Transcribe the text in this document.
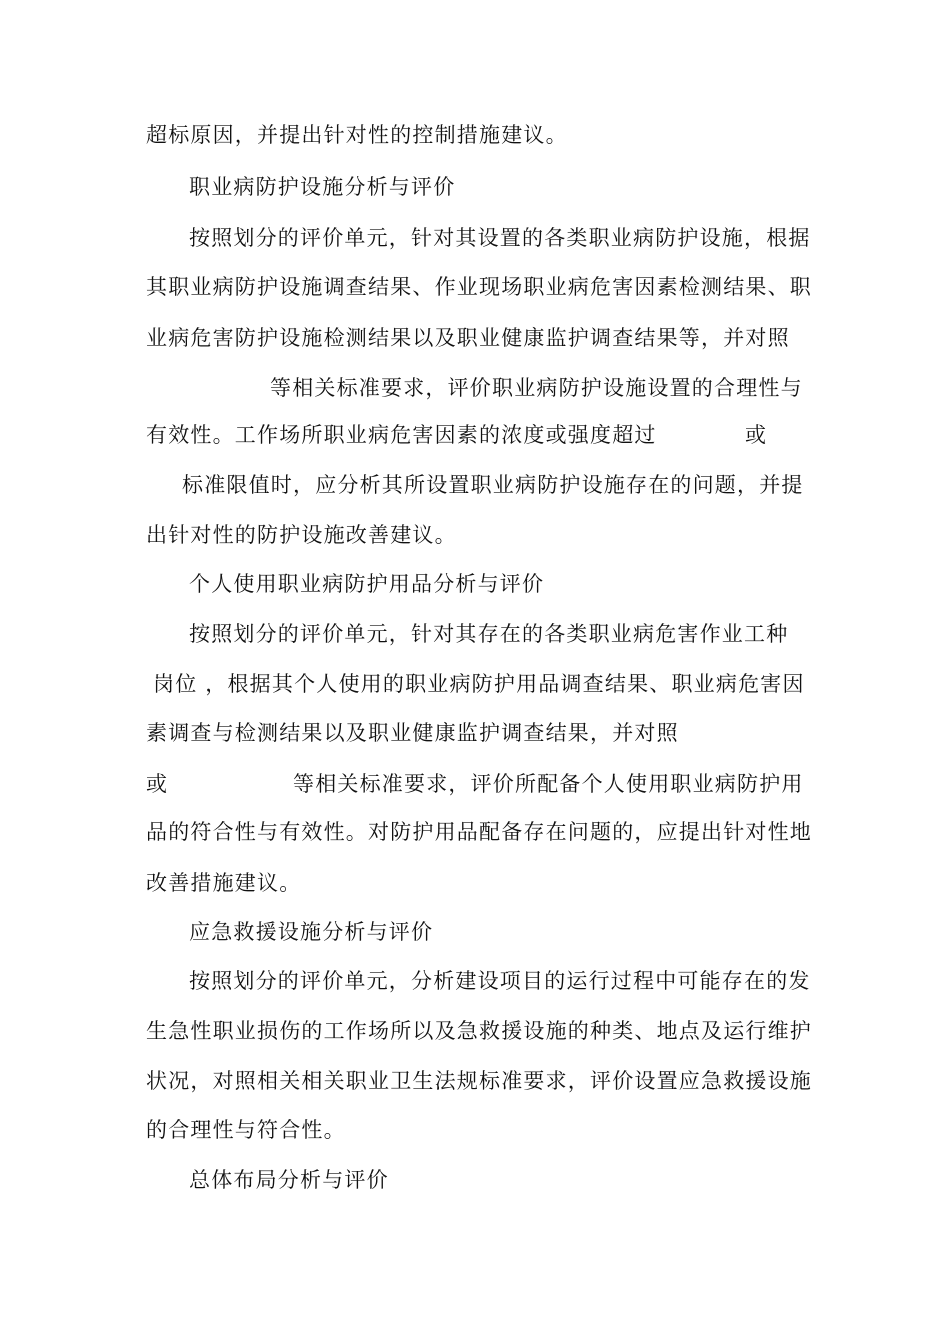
超标原因，并提出针对性的控制措施建议。
职业病防护设施分析与评价
按照划分的评价单元，针对其设置的各类职业病防护设施，根据
其职业病防护设施调查结果、作业现场职业病危害因素检测结果、职
业病危害防护设施检测结果以及职业健康监护调查结果等，并对照
等相关标准要求，评价职业病防护设施设置的合理性与
有效性。工作场所职业病危害因素的浓度或强度超过	或
标准限值时，应分析其所设置职业病防护设施存在的问题，并提
出针对性的防护设施改善建议。
个人使用职业病防护用品分析与评价
按照划分的评价单元，针对其存在的各类职业病危害作业工种
岗位 ，根据其个人使用的职业病防护用品调查结果、职业病危害因
素调查与检测结果以及职业健康监护调查结果，并对照
或	等相关标准要求，评价所配备个人使用职业病防护用
品的符合性与有效性。对防护用品配备存在问题的，应提出针对性地
改善措施建议。
应急救援设施分析与评价
按照划分的评价单元，分析建设项目的运行过程中可能存在的发
生急性职业损伤的工作场所以及急救援设施的种类、地点及运行维护
状况，对照相关相关职业卫生法规标准要求，评价设置应急救援设施
的合理性与符合性。
总体布局分析与评价
